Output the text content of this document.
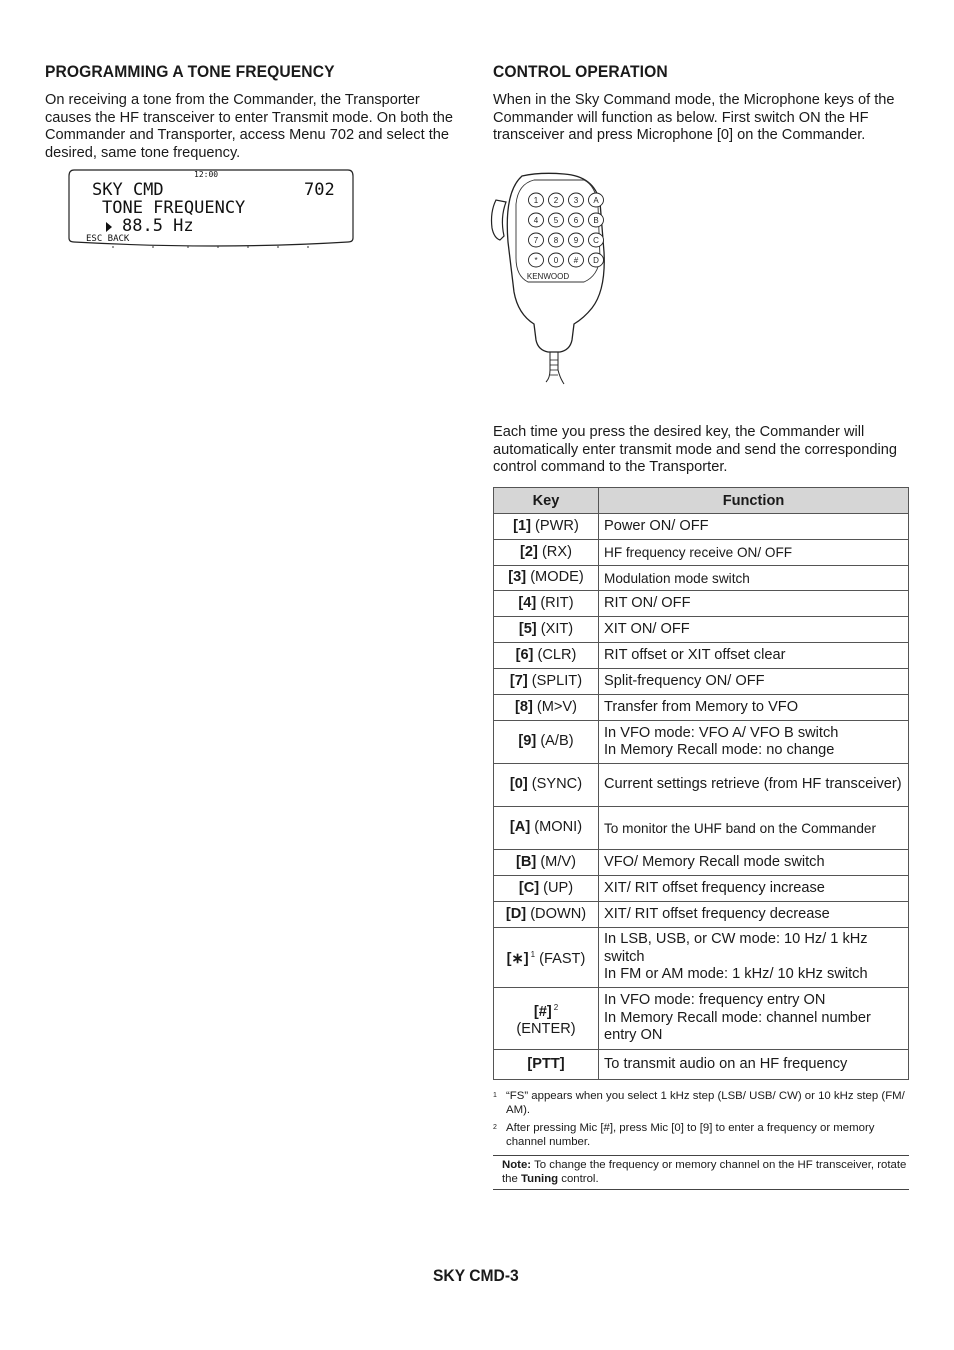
PROGRAMMING A TONE FREQUENCY

On receiving a tone from the Commander, the Transporter causes the HF transceiver to enter Transmit mode. On both the Commander and Transporter, access Menu 702 and select the desired, same tone frequency.

12:00
SKY CMD	702
TONE FREQUENCY
88.5 Hz
ESC BACK
CONTROL OPERATION

When in the Sky Command mode, the Microphone keys of the Commander will function as below. First switch ON the HF transceiver and press Microphone [0] on the Commander.

1 2 3 A
4 5 6 B
7 8 9 C
* 0 # D
KENWOOD

Each time you press the desired key, the Commander will automatically enter transmit mode and send the corresponding control command to the Transporter.

Key	Function
[1] (PWR)	Power ON/ OFF
[2] (RX)	HF frequency receive ON/ OFF
[3] (MODE)	Modulation mode switch
[4] (RIT)	RIT ON/ OFF
[5] (XIT)	XIT ON/ OFF
[6] (CLR)	RIT offset or XIT offset clear
[7] (SPLIT)	Split-frequency ON/ OFF
[8] (M>V)	Transfer from Memory to VFO
[9] (A/B)	In VFO mode: VFO A/ VFO B switch
In Memory Recall mode: no change
[0] (SYNC)	Current settings retrieve (from HF transceiver)
[A] (MONI)	To monitor the UHF band on the Commander
[B] (M/V)	VFO/ Memory Recall mode switch
[C] (UP)	XIT/ RIT offset frequency increase
[D] (DOWN)	XIT/ RIT offset frequency decrease
[∗] $^1$ (FAST)	In LSB, USB, or CW mode: 10 Hz/ 1 kHz switch
In FM or AM mode: 1 kHz/ 10 kHz switch
[#] $^2$
(ENTER)	In VFO mode: frequency entry ON
In Memory Recall mode: channel number entry ON
[PTT]	To transmit audio on an HF frequency
1 “FS” appears when you select 1 kHz step (LSB/ USB/ CW) or 10 kHz step (FM/ AM).
2 After pressing Mic [#], press Mic [0] to [9] to enter a frequency or memory channel number.
Note: To change the frequency or memory channel on the HF transceiver, rotate the Tuning control.
SKY CMD-3
